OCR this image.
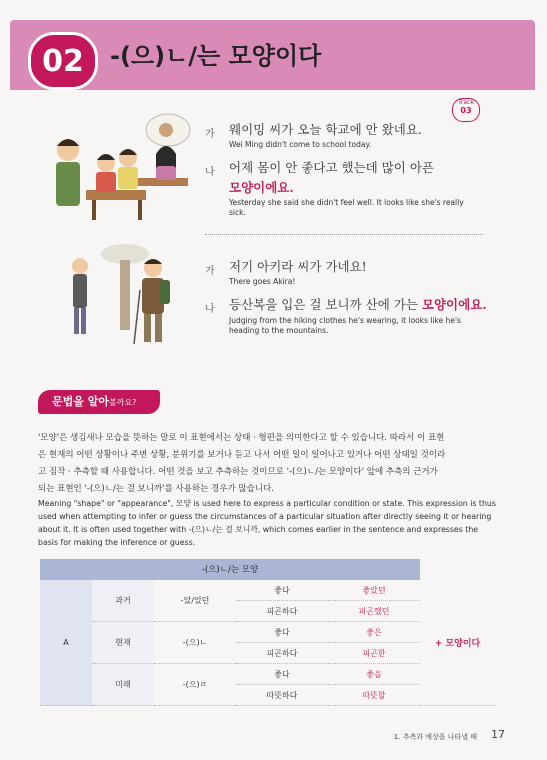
02	-(으)ㄴ/는 모양이다
Track
03
가 웨이밍 씨가 오늘 학교에 안 왔네요.
Wei Ming didn't come to school today.
나 어제 몸이 안 좋다고 했는데 많이 아픈
모양이에요.
Yesterday she said she didn't feel well. It looks like she's really sick.
가 저기 아키라 씨가 가네요!
There goes Akira!
나 등산복을 입은 걸 보니까 산에 가는 모양이에요.
Judging from the hiking clothes he's wearing, it looks like he's heading to the mountains.
문법을 알아볼까요?
'모양'은 생김새나 모습을 뜻하는 말로 이 표현에서는 상태 · 형편을 의미한다고 할 수 있습니다. 따라서 이 표현
은 현재의 어떤 상황이나 주변 상황, 분위기를 보거나 듣고 나서 어떤 일이 일어나고 있거나 어떤 상태일 것이라
고 짐작 · 추측할 때 사용합니다. 어떤 것을 보고 추측하는 것이므로 '-(으)ㄴ/는 모양이다' 앞에 추측의 근거가
되는 표현인 '-(으)ㄴ/는 걸 보니까'를 사용하는 경우가 많습니다.
Meaning "shape" or "appearance", 모양 is used here to express a particular condition or state. This expression is thus used when attempting to infer or guess the circumstances of a particular situation after directly seeing it or hearing about it. It is often used together with -(으)ㄴ/는 걸 보니까, which comes earlier in the sentence and expresses the basis for making the inference or guess.
-(으)ㄴ/는 모양					
A	과거	-았/었던	좋다	좋았던	+ 모양이다
			피곤하다	피곤했던	
	현재	-(으)ㄴ	좋다	좋은	
			피곤하다	피곤한	
	미래	-(으)ㄹ	좋다	좋을	
			따뜻하다	따뜻할	
1. 추측과 예상을 나타낼 때 17
